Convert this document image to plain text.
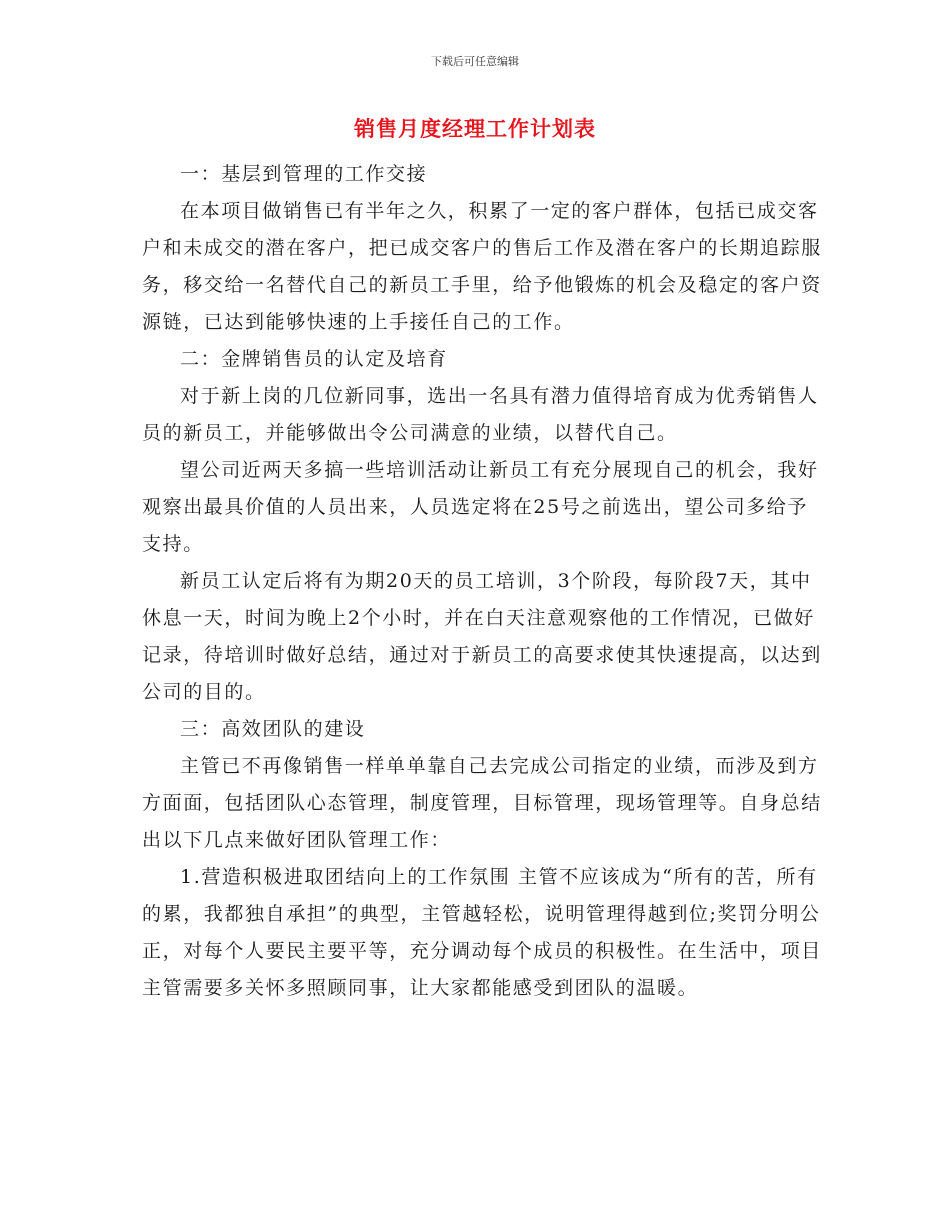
下载后可任意编辑
销售月度经理工作计划表

一：基层到管理的工作交接

在本项目做销售已有半年之久，积累了一定的客户群体，包括已成交客户和未成交的潜在客户，把已成交客户的售后工作及潜在客户的长期追踪服务，移交给一名替代自己的新员工手里，给予他锻炼的机会及稳定的客户资源链，已达到能够快速的上手接任自己的工作。

二：金牌销售员的认定及培育

对于新上岗的几位新同事，选出一名具有潜力值得培育成为优秀销售人员的新员工，并能够做出令公司满意的业绩，以替代自己。

望公司近两天多搞一些培训活动让新员工有充分展现自己的机会，我好观察出最具价值的人员出来，人员选定将在25号之前选出，望公司多给予支持。

新员工认定后将有为期20天的员工培训，3个阶段，每阶段7天，其中休息一天，时间为晚上2个小时，并在白天注意观察他的工作情况，已做好记录，待培训时做好总结，通过对于新员工的高要求使其快速提高，以达到公司的目的。

三：高效团队的建设

主管已不再像销售一样单单靠自己去完成公司指定的业绩，而涉及到方方面面，包括团队心态管理，制度管理，目标管理，现场管理等。自身总结出以下几点来做好团队管理工作：

1.营造积极进取团结向上的工作氛围 主管不应该成为“所有的苦，所有的累，我都独自承担”的典型，主管越轻松，说明管理得越到位;奖罚分明公正，对每个人要民主要平等，充分调动每个成员的积极性。在生活中，项目主管需要多关怀多照顾同事，让大家都能感受到团队的温暖。
